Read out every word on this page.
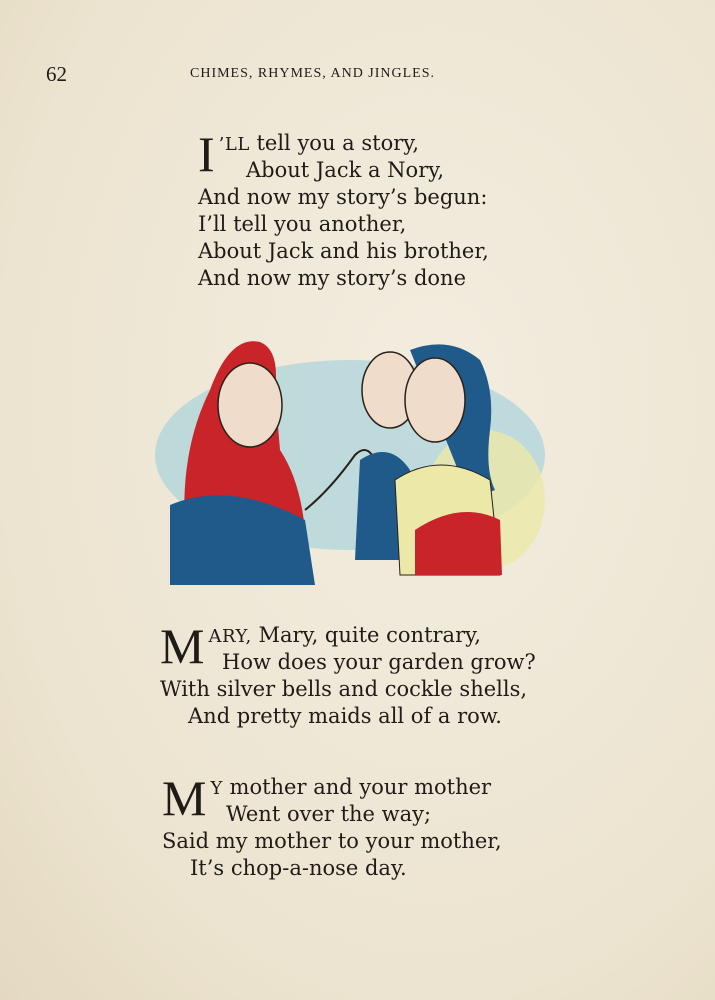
62	CHIMES, RHYMES, AND JINGLES.
I ’LL tell you a story,
About Jack a Nory,
And now my story’s begun:
I’ll tell you another,
About Jack and his brother,
And now my story’s done
M ARY, Mary, quite contrary,
How does your garden grow?
With silver bells and cockle shells,
And pretty maids all of a row.
M Y mother and your mother
Went over the way;
Said my mother to your mother,
It’s chop-a-nose day.
